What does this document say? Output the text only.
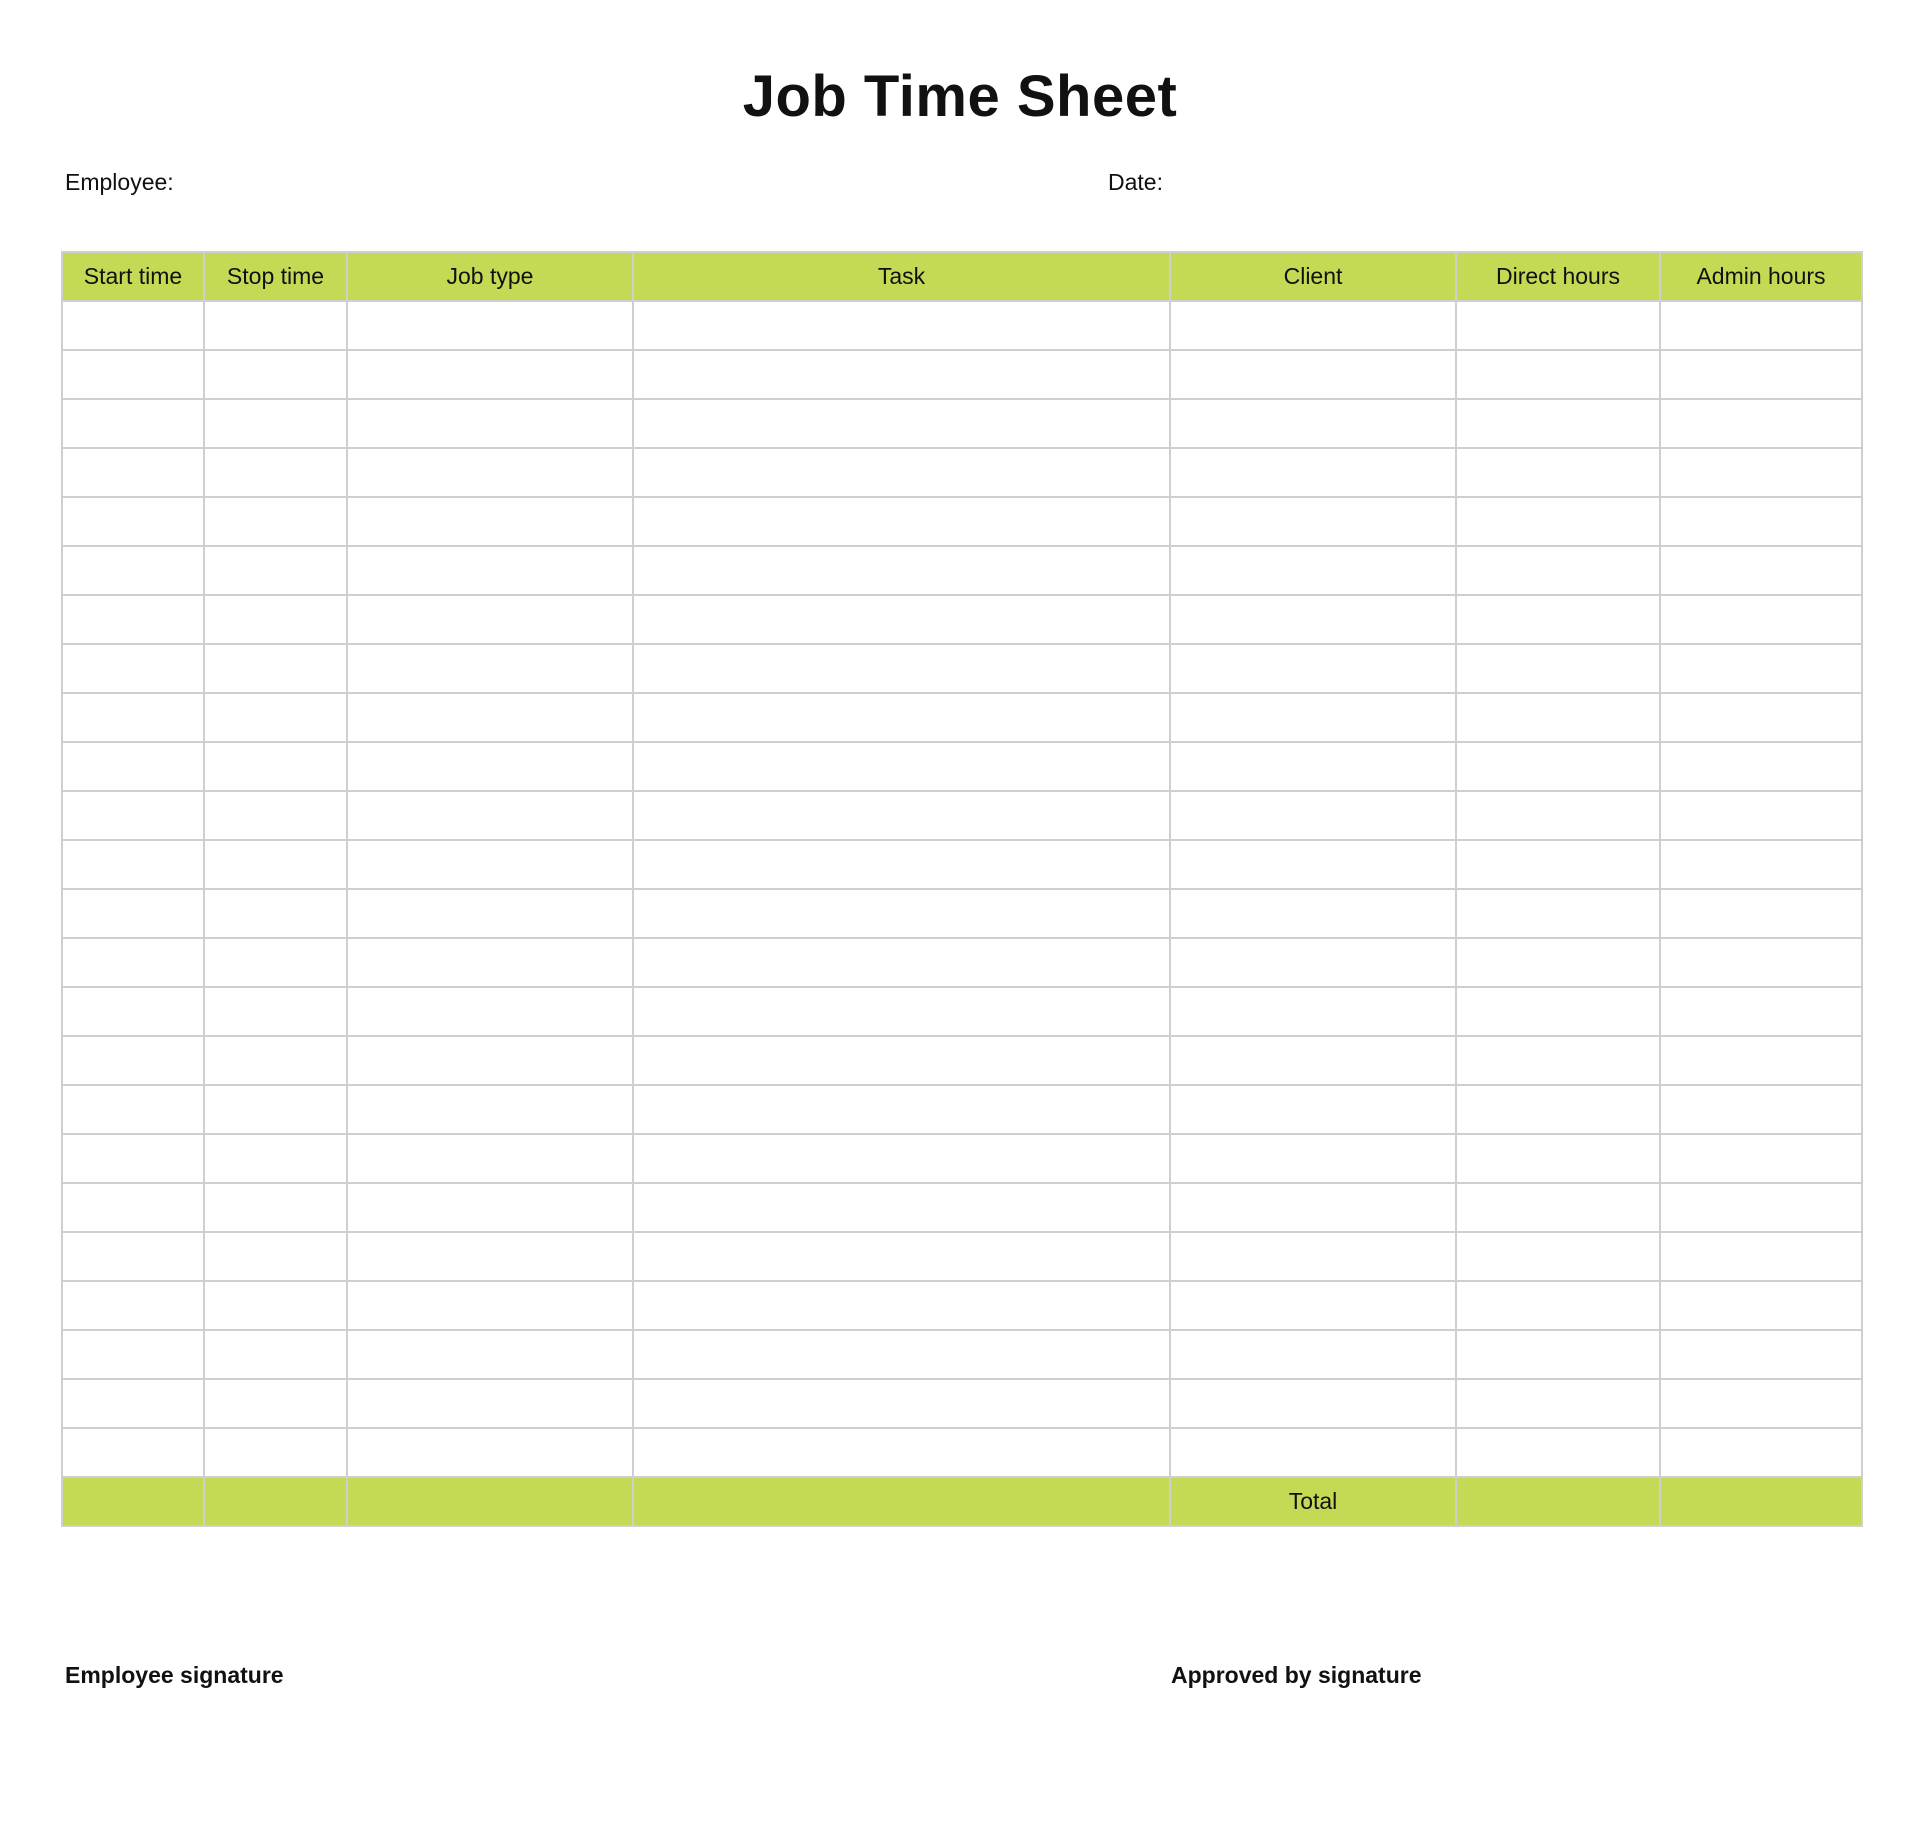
Job Time Sheet
Employee:	Date:
Start time	Stop time	Job type	Task	Client	Direct hours	Admin hours

				Total		
Employee signature	Approved by signature
